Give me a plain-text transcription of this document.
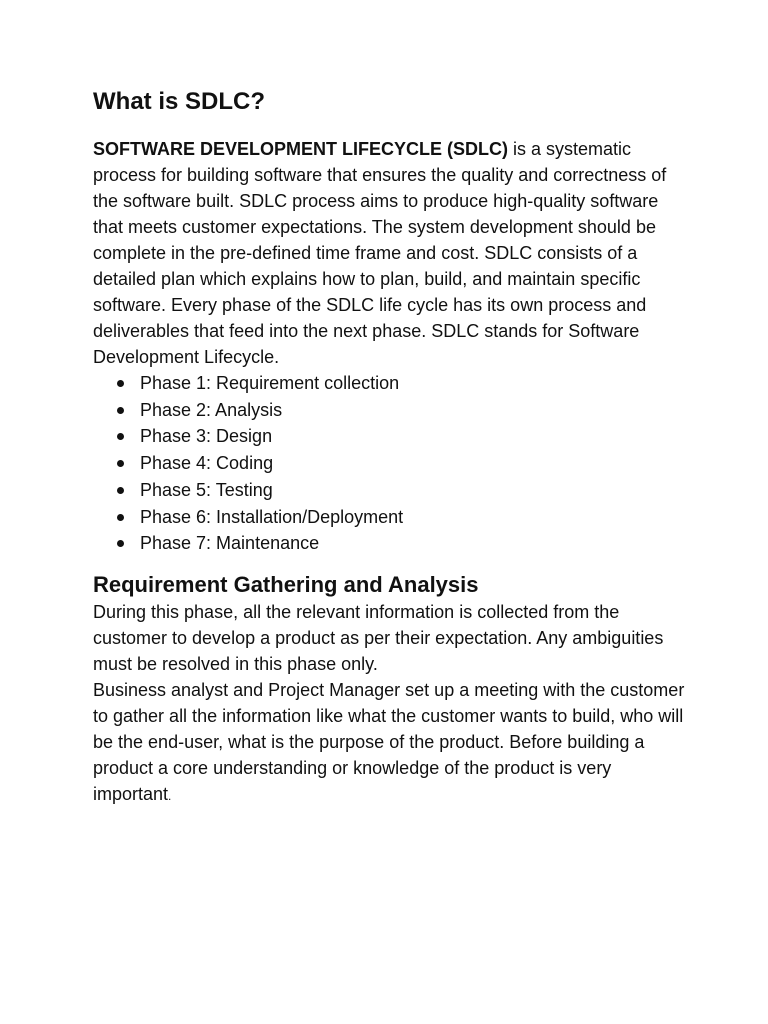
What is SDLC?

SOFTWARE DEVELOPMENT LIFECYCLE (SDLC) is a systematic process for building software that ensures the quality and correctness of the software built. SDLC process aims to produce high-quality software that meets customer expectations. The system development should be complete in the pre-defined time frame and cost. SDLC consists of a detailed plan which explains how to plan, build, and maintain specific software. Every phase of the SDLC life cycle has its own process and deliverables that feed into the next phase. SDLC stands for Software Development Lifecycle.

Phase 1: Requirement collection
Phase 2: Analysis
Phase 3: Design
Phase 4: Coding
Phase 5: Testing
Phase 6: Installation/Deployment
Phase 7: Maintenance
Requirement Gathering and Analysis

During this phase, all the relevant information is collected from the customer to develop a product as per their expectation. Any ambiguities must be resolved in this phase only.

Business analyst and Project Manager set up a meeting with the customer to gather all the information like what the customer wants to build, who will be the end-user, what is the purpose of the product. Before building a product a core understanding or knowledge of the product is very important.
